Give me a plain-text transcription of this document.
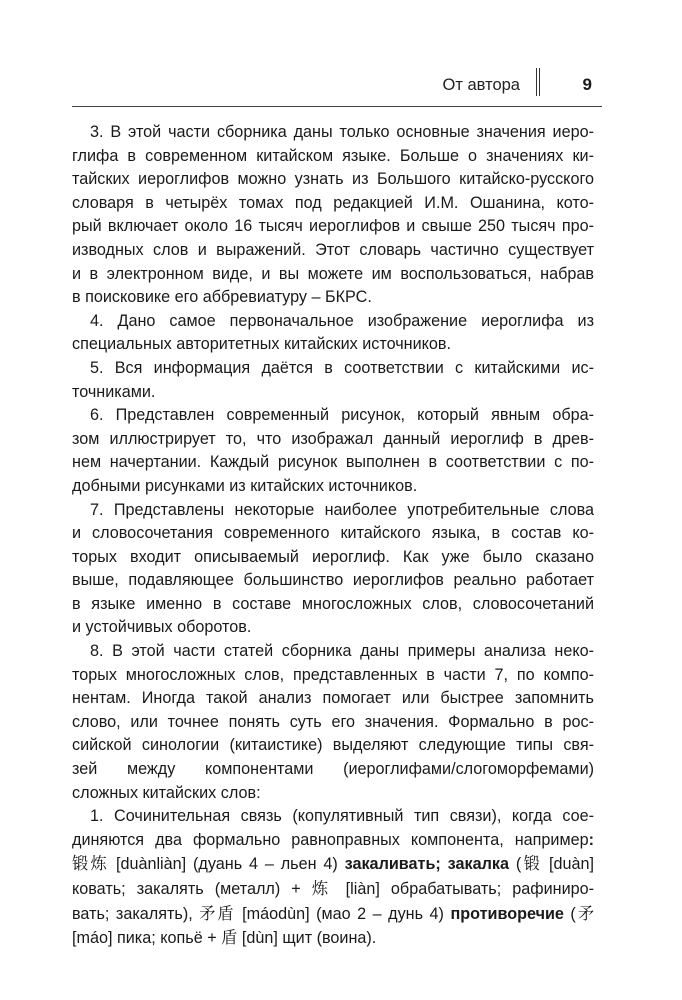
От автора	9

3. В этой части сборника даны только основные значения иеро-

глифа в современном китайском языке. Больше о значениях ки-

тайских иероглифов можно узнать из Большого китайско-русского

словаря в четырёх томах под редакцией И.М. Ошанина, кото-

рый включает около 16 тысяч иероглифов и свыше 250 тысяч про-

изводных слов и выражений. Этот словарь частично существует

и в электронном виде, и вы можете им воспользоваться, набрав

в поисковике его аббревиатуру – БКРС.

4. Дано самое первоначальное изображение иероглифа из

специальных авторитетных китайских источников.

5. Вся информация даётся в соответствии с китайскими ис-

точниками.

6. Представлен современный рисунок, который явным обра-

зом иллюстрирует то, что изображал данный иероглиф в древ-

нем начертании. Каждый рисунок выполнен в соответствии с по-

добными рисунками из китайских источников.

7. Представлены некоторые наиболее употребительные слова

и словосочетания современного китайского языка, в состав ко-

торых входит описываемый иероглиф. Как уже было сказано

выше, подавляющее большинство иероглифов реально работает

в языке именно в составе многосложных слов, словосочетаний

и устойчивых оборотов.

8. В этой части статей сборника даны примеры анализа неко-

торых многосложных слов, представленных в части 7, по компо-

нентам. Иногда такой анализ помогает или быстрее запомнить

слово, или точнее понять суть его значения. Формально в рос-

сийской синологии (китаистике) выделяют следующие типы свя-

зей между компонентами (иероглифами/слогоморфемами)

сложных китайских слов:

1. Сочинительная связь (копулятивный тип связи), когда сое-

диняются два формально равноправных компонента, например:

锻炼 [duànliàn] (дуань 4 – льен 4) закаливать; закалка (锻 [duàn]

ковать; закалять (металл) + 炼 [liàn] обрабатывать; рафиниро-

вать; закалять), 矛盾 [máodùn] (мао 2 – дунь 4) противоречие (矛

[máo] пика; копьё + 盾 [dùn] щит (воина).
